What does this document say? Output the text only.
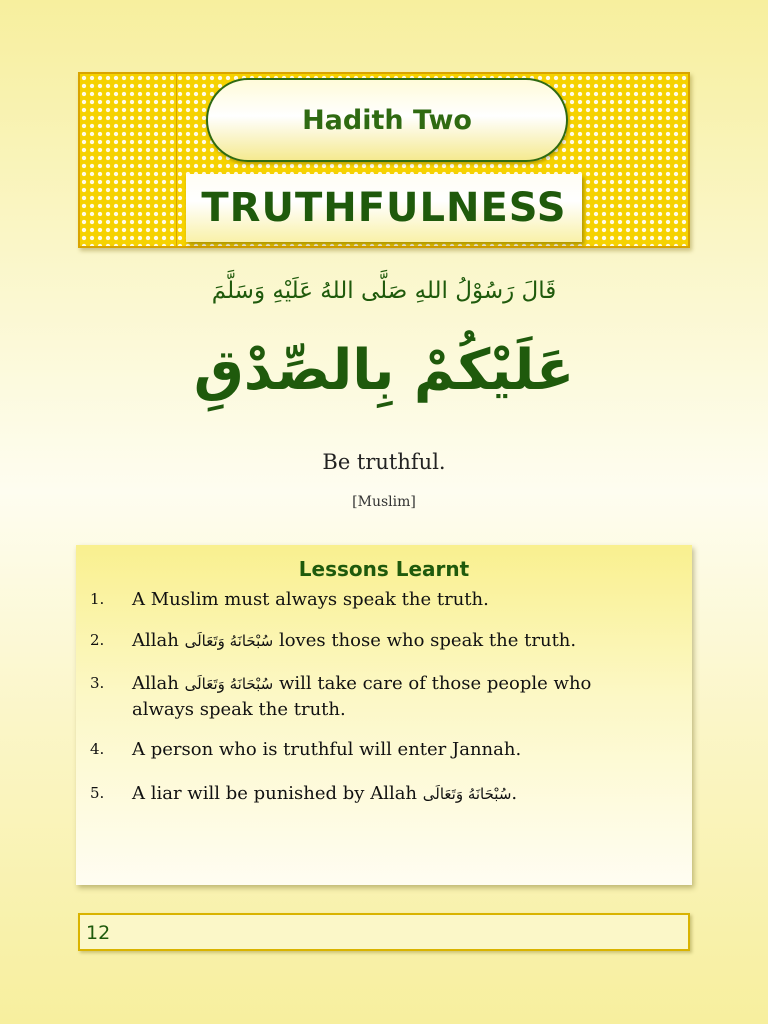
Hadith Two
TRUTHFULNESS
قَالَ رَسُوْلُ اللهِ صَلَّى اللهُ عَلَيْهِ وَسَلَّمَ
عَلَيْكُمْ بِالصِّدْقِ
Be truthful.
[Muslim]
Lessons Learnt
1.	A Muslim must always speak the truth.
2.	Allah سُبْحَانَهُ وَتَعَالَى loves those who speak the truth.
3.	Allah سُبْحَانَهُ وَتَعَالَى will take care of those people who always speak the truth.
4.	A person who is truthful will enter Jannah.
5.	A liar will be punished by Allah سُبْحَانَهُ وَتَعَالَى.
12
